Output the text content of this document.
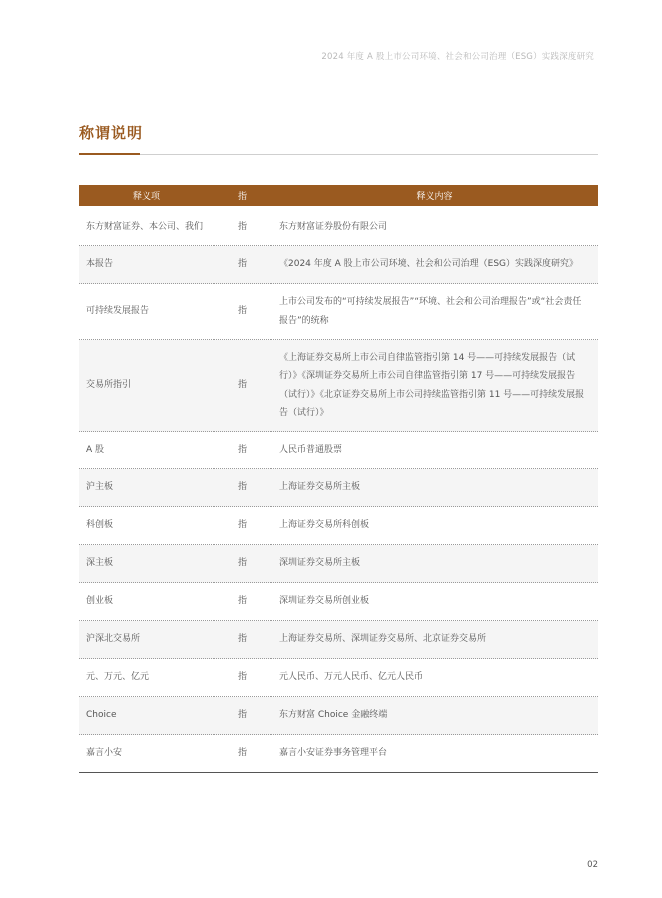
2024 年度 A 股上市公司环境、社会和公司治理（ESG）实践深度研究
称谓说明
释义项	指	释义内容
东方财富证券、本公司、我们	指	东方财富证券股份有限公司
本报告	指	《2024 年度 A 股上市公司环境、社会和公司治理（ESG）实践深度研究》
可持续发展报告	指	上市公司发布的“可持续发展报告”“环境、社会和公司治理报告”或“社会责任报告”的统称
交易所指引	指	《上海证券交易所上市公司自律监管指引第 14 号——可持续发展报告（试行）》《深圳证券交易所上市公司自律监管指引第 17 号——可持续发展报告（试行）》《北京证券交易所上市公司持续监管指引第 11 号——可持续发展报告（试行）》
A 股	指	人民币普通股票
沪主板	指	上海证券交易所主板
科创板	指	上海证券交易所科创板
深主板	指	深圳证券交易所主板
创业板	指	深圳证券交易所创业板
沪深北交易所	指	上海证券交易所、深圳证券交易所、北京证券交易所
元、万元、亿元	指	元人民币、万元人民币、亿元人民币
Choice	指	东方财富 Choice 金融终端
嘉言小安	指	嘉言小安证券事务管理平台
02
